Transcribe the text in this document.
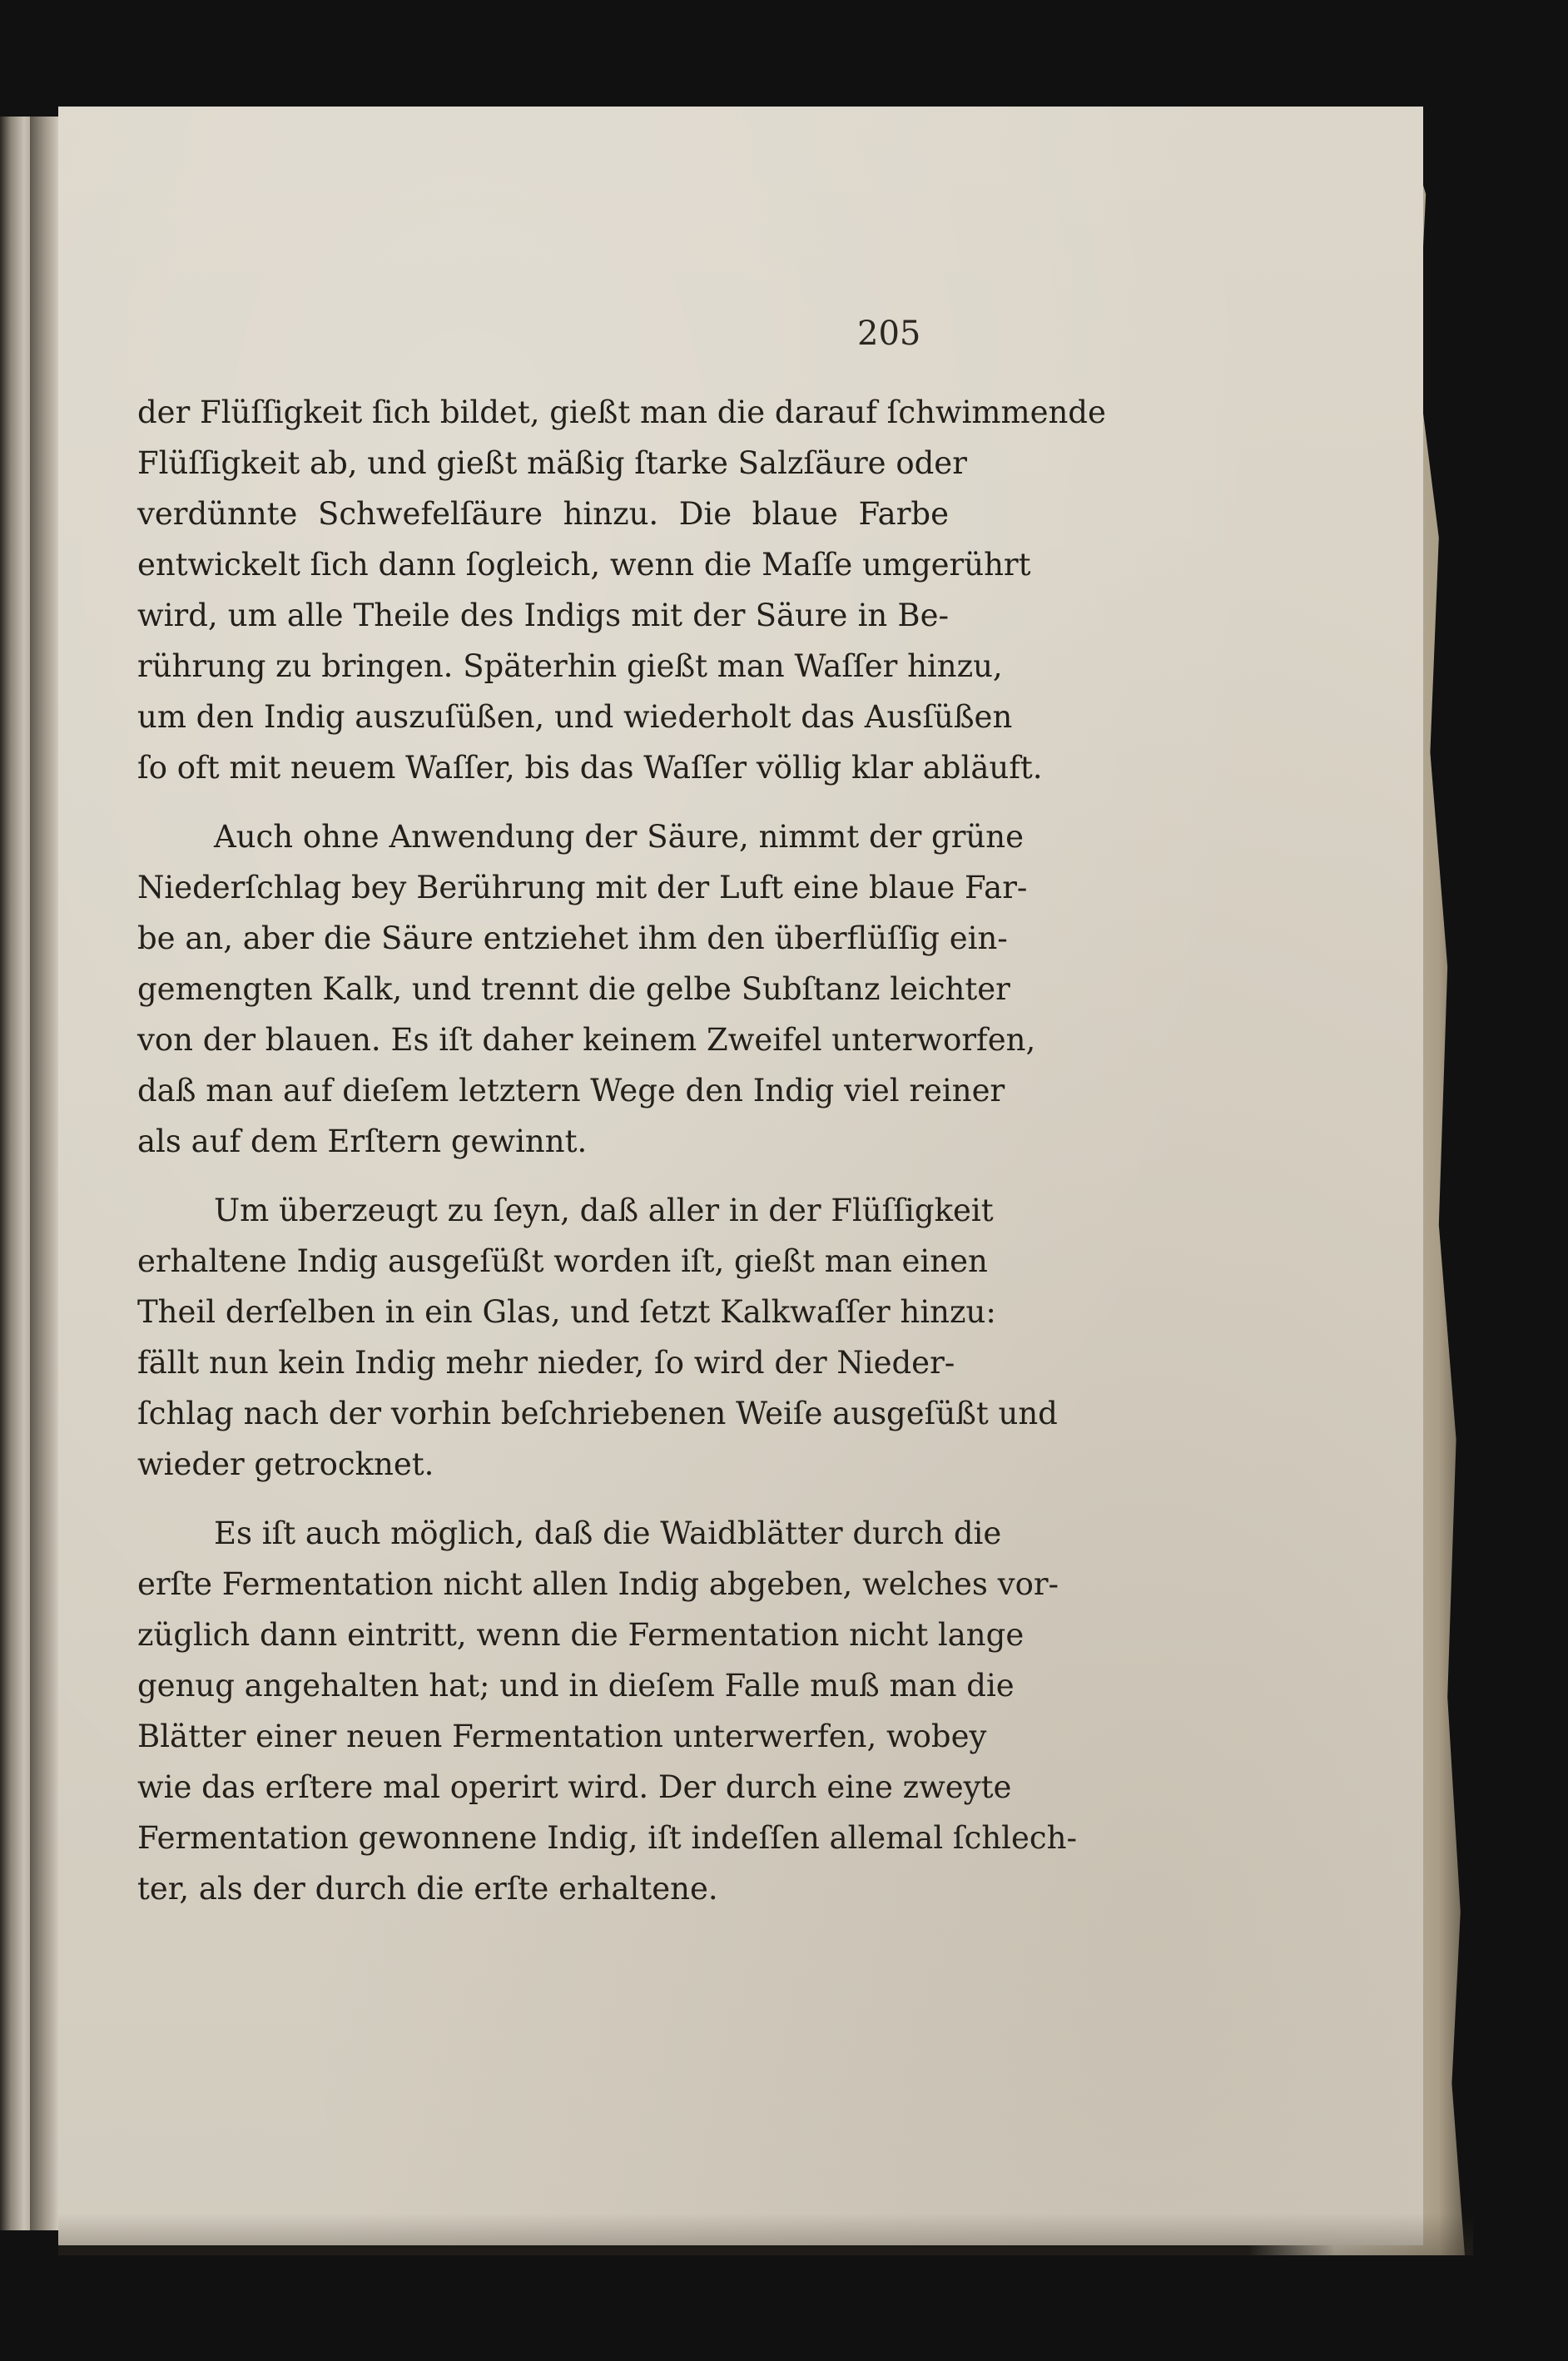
205
der Flüſſigkeit ſich bildet, gießt man die darauf ſchwimmende
Flüſſigkeit ab, und gießt mäßig ſtarke Salzſäure oder
verdünnte Schwefelſäure hinzu. Die blaue Farbe
entwickelt ſich dann ſogleich, wenn die Maſſe umgerührt
wird, um alle Theile des Indigs mit der Säure in Be-
rührung zu bringen. Späterhin gießt man Waſſer hinzu,
um den Indig auszuſüßen, und wiederholt das Ausſüßen
ſo oft mit neuem Waſſer, bis das Waſſer völlig klar abläuft.
Auch ohne Anwendung der Säure, nimmt der grüne
Niederſchlag bey Berührung mit der Luft eine blaue Far-
be an, aber die Säure entziehet ihm den überflüſſig ein-
gemengten Kalk, und trennt die gelbe Subſtanz leichter
von der blauen. Es iſt daher keinem Zweifel unterworfen,
daß man auf dieſem letztern Wege den Indig viel reiner
als auf dem Erſtern gewinnt.
Um überzeugt zu ſeyn, daß aller in der Flüſſigkeit
erhaltene Indig ausgeſüßt worden iſt, gießt man einen
Theil derſelben in ein Glas, und ſetzt Kalkwaſſer hinzu:
fällt nun kein Indig mehr nieder, ſo wird der Nieder-
ſchlag nach der vorhin beſchriebenen Weiſe ausgeſüßt und
wieder getrocknet.
Es iſt auch möglich, daß die Waidblätter durch die
erſte Fermentation nicht allen Indig abgeben, welches vor-
züglich dann eintritt, wenn die Fermentation nicht lange
genug angehalten hat; und in dieſem Falle muß man die
Blätter einer neuen Fermentation unterwerfen, wobey
wie das erſtere mal operirt wird. Der durch eine zweyte
Fermentation gewonnene Indig, iſt indeſſen allemal ſchlech-
ter, als der durch die erſte erhaltene.
